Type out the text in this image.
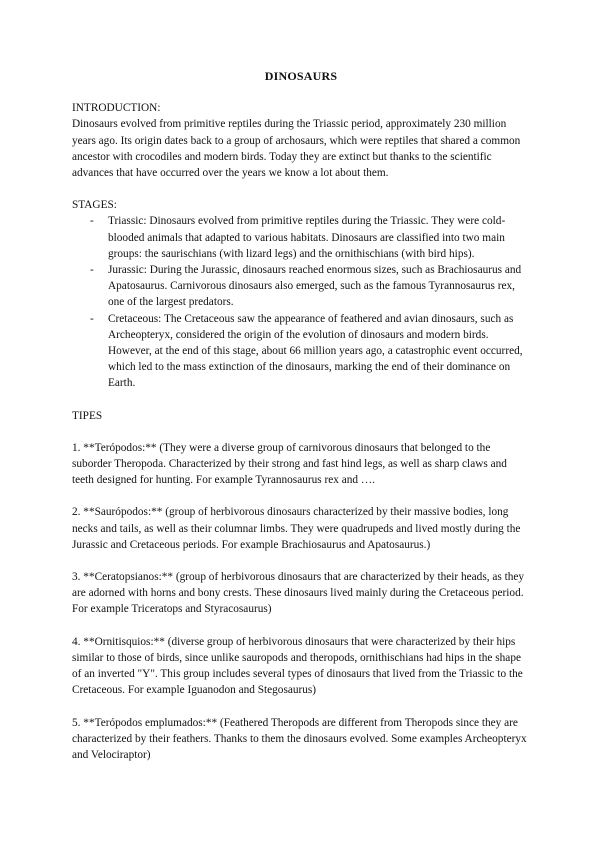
DINOSAURS

INTRODUCTION:

Dinosaurs evolved from primitive reptiles during the Triassic period, approximately 230 million years ago. Its origin dates back to a group of archosaurs, which were reptiles that shared a common ancestor with crocodiles and modern birds. Today they are extinct but thanks to the scientific advances that have occurred over the years we know a lot about them.

STAGES:

- Triassic: Dinosaurs evolved from primitive reptiles during the Triassic. They were cold-blooded animals that adapted to various habitats. Dinosaurs are classified into two main groups: the saurischians (with lizard legs) and the ornithischians (with bird hips).
- Jurassic: During the Jurassic, dinosaurs reached enormous sizes, such as Brachiosaurus and Apatosaurus. Carnivorous dinosaurs also emerged, such as the famous Tyrannosaurus rex, one of the largest predators.
- Cretaceous: The Cretaceous saw the appearance of feathered and avian dinosaurs, such as Archeopteryx, considered the origin of the evolution of dinosaurs and modern birds. However, at the end of this stage, about 66 million years ago, a catastrophic event occurred, which led to the mass extinction of the dinosaurs, marking the end of their dominance on Earth.

TIPES

1. **Terópodos:** (They were a diverse group of carnivorous dinosaurs that belonged to the suborder Theropoda. Characterized by their strong and fast hind legs, as well as sharp claws and teeth designed for hunting. For example Tyrannosaurus rex and ….

2. **Saurópodos:** (group of herbivorous dinosaurs characterized by their massive bodies, long necks and tails, as well as their columnar limbs. They were quadrupeds and lived mostly during the Jurassic and Cretaceous periods. For example Brachiosaurus and Apatosaurus.)

3. **Ceratopsianos:** (group of herbivorous dinosaurs that are characterized by their heads, as they are adorned with horns and bony crests. These dinosaurs lived mainly during the Cretaceous period. For example Triceratops and Styracosaurus)

4. **Ornitisquios:** (diverse group of herbivorous dinosaurs that were characterized by their hips similar to those of birds, since unlike sauropods and theropods, ornithischians had hips in the shape of an inverted "Y". This group includes several types of dinosaurs that lived from the Triassic to the Cretaceous. For example Iguanodon and Stegosaurus)

5. **Terópodos emplumados:** (Feathered Theropods are different from Theropods since they are characterized by their feathers. Thanks to them the dinosaurs evolved. Some examples Archeopteryx and Velociraptor)
